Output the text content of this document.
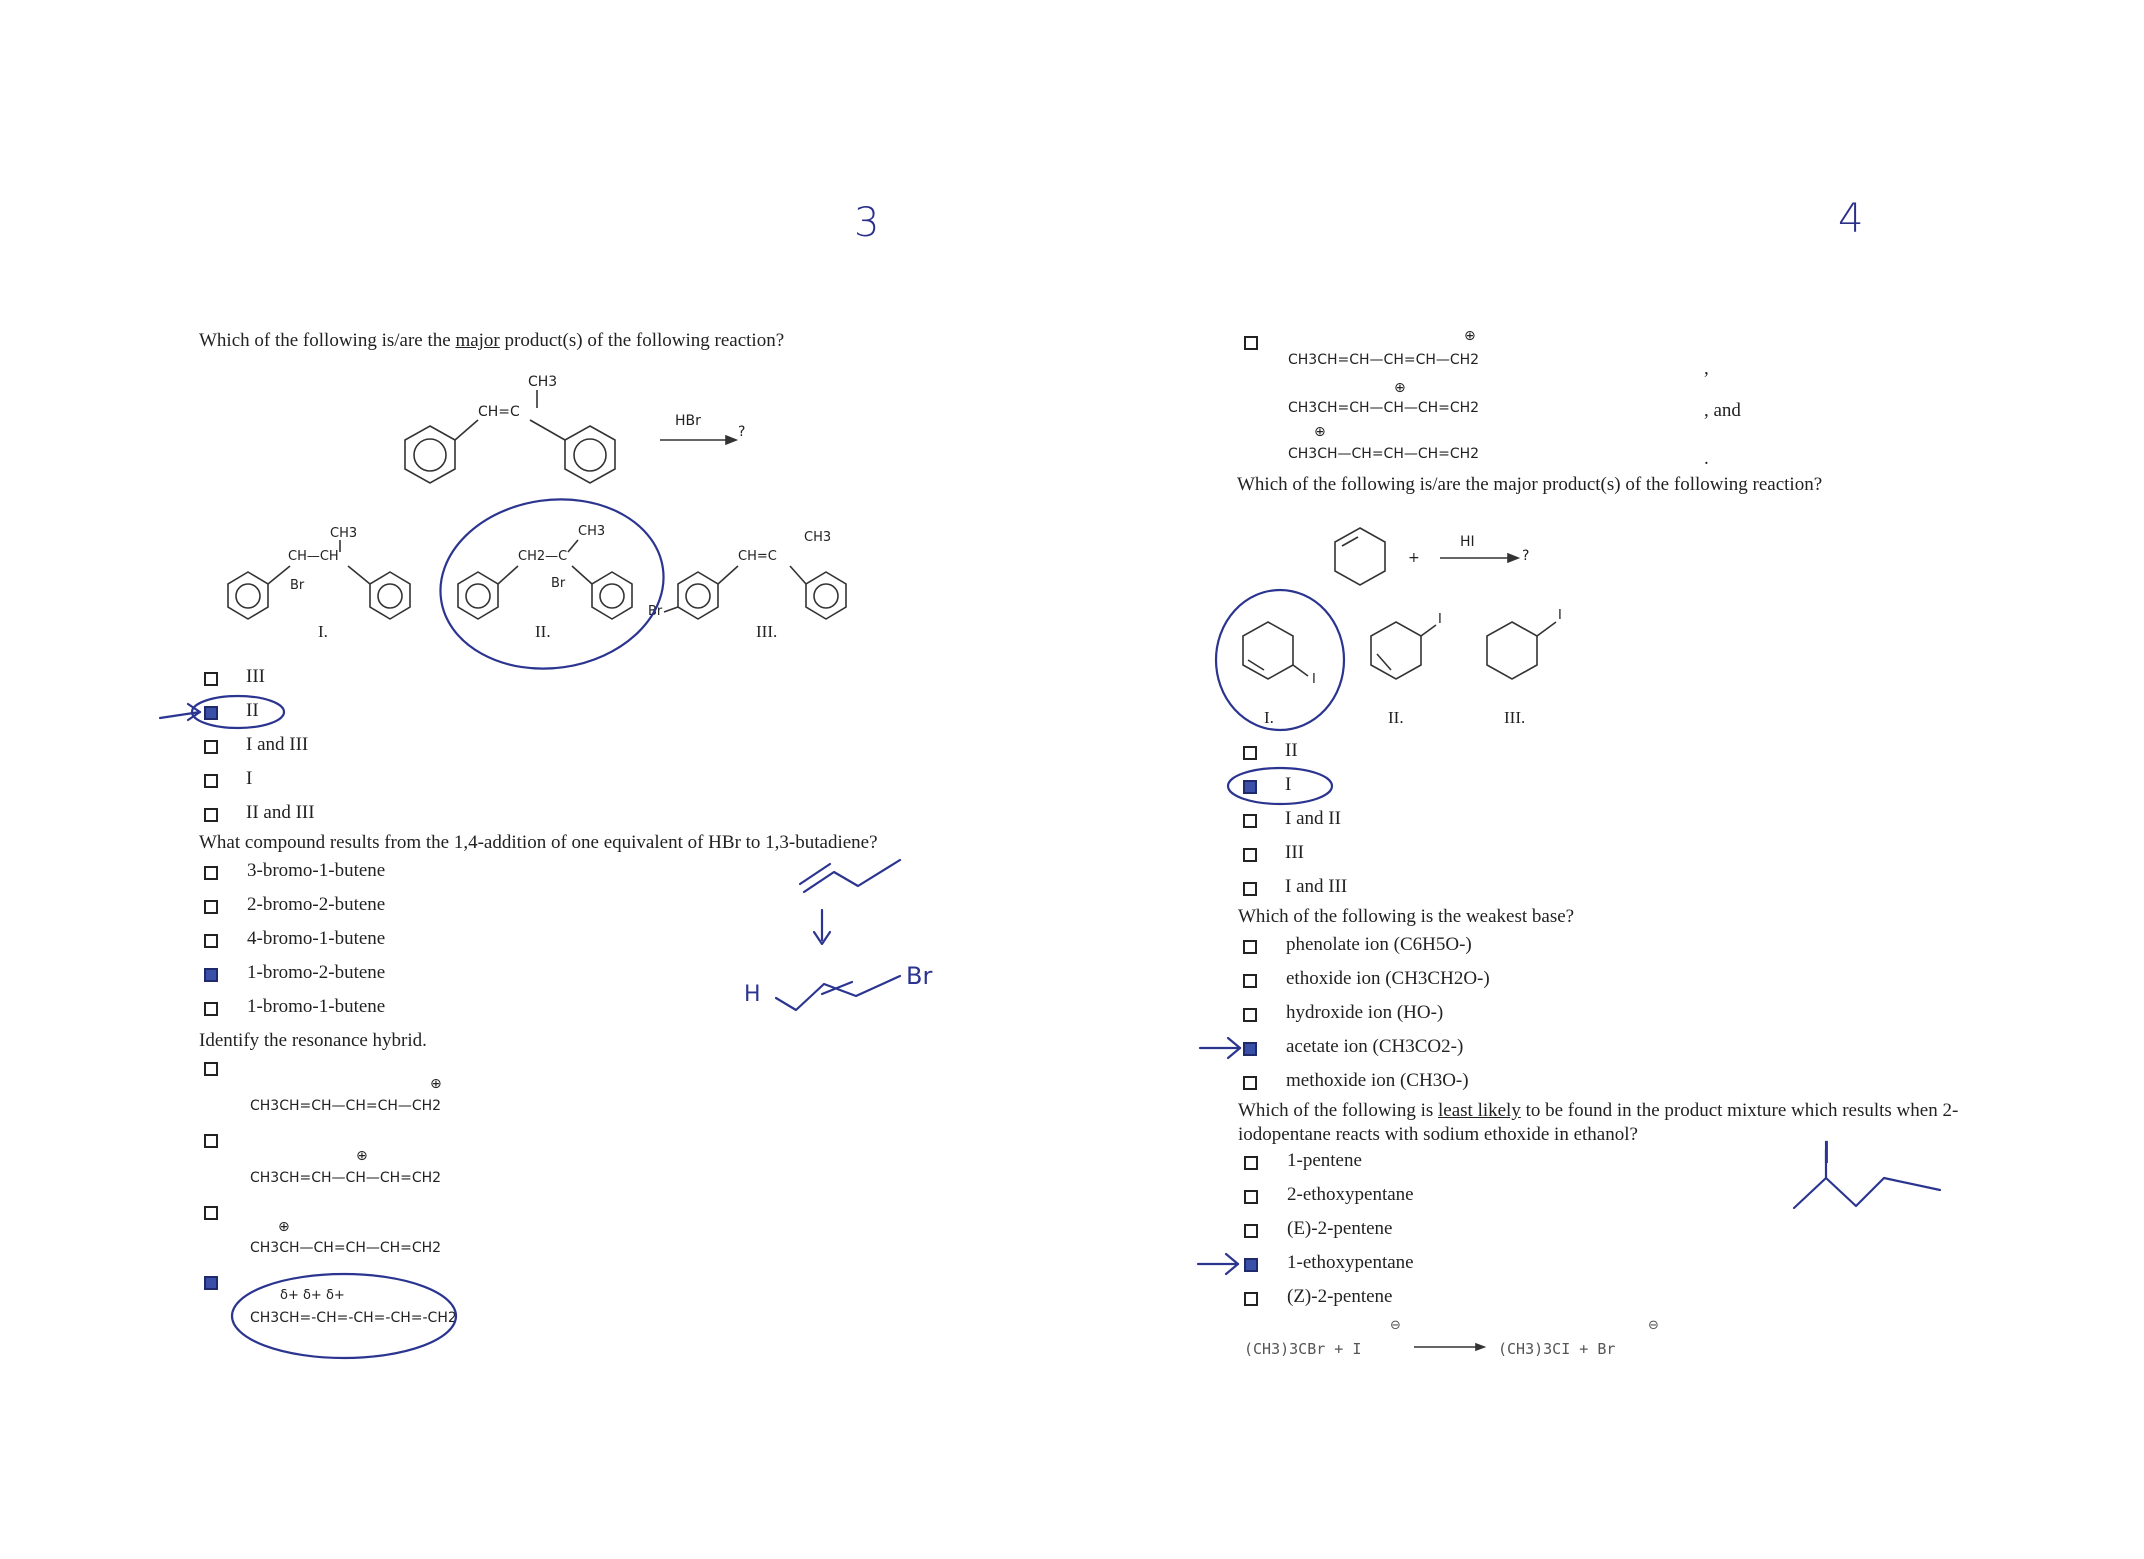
3	4
Which of the following is/are the major product(s) of the following reaction?
CH3
CH=C
HBr
?
CH3
CH—CH
Br
CH3
CH2—C
Br
CH3
CH=C
Br
I.	II.	III.
III
II
I and III
I
II and III
What compound results from the 1,4-addition of one equivalent of HBr to 1,3-butadiene?
3-bromo-1-butene
2-bromo-2-butene
4-bromo-1-butene
1-bromo-2-butene
1-bromo-1-butene	H
Br
Identify the resonance hybrid.
⊕
CH3CH=CH—CH=CH—CH2
⊕
CH3CH=CH—CH—CH=CH2
⊕
CH3CH—CH=CH—CH=CH2
δ+ δ+ δ+
CH3CH=-CH=-CH=-CH=-CH2
⊕
CH3CH=CH—CH=CH—CH2
⊕
CH3CH=CH—CH—CH=CH2
⊕
CH3CH—CH=CH—CH=CH2
,
, and
.
Which of the following is/are the major product(s) of the following reaction?
+
HI
?
I
I	I
I.	II.	III.
II
I
I and II
III
I and III
Which of the following is the weakest base?
phenolate ion (C6H5O-)
ethoxide ion (CH3CH2O-)
hydroxide ion (HO-)
acetate ion (CH3CO2-)
methoxide ion (CH3O-)
Which of the following is least likely to be found in the product mixture which results when 2-
iodopentane reacts with sodium ethoxide in ethanol?
1-pentene
2-ethoxypentane
(E)-2-pentene
1-ethoxypentane
(Z)-2-pentene
I
(CH3)3CBr + I	(CH3)3CI + Br
⊖	⊖
